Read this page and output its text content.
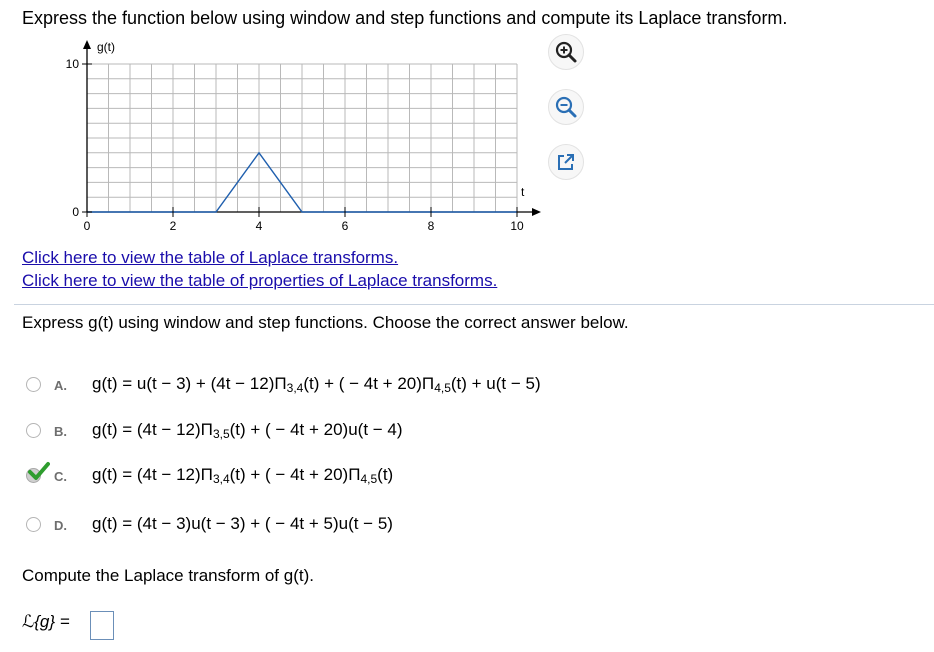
Express the function below using window and step functions and compute its Laplace transform.
0	2	4	6	8	10
10
0
g(t)
t
Click here to view the table of Laplace transforms.
Click here to view the table of properties of Laplace transforms.
Express g(t) using window and step functions. Choose the correct answer below.
A. $g(t) = u(t - 3) + (4t - 12)\Pi_{3,4}(t)$ + ( − $4t + 20)\Pi_{4,5}(t) + u(t - 5)$
B. $g(t) = (4t - 12)\Pi_{3,5}(t)$ + ( − 4t + 20)u(t − 4)
C. $g(t) = (4t - 12)\Pi_{3,4}(t)$ + ( − $4t + 20)\Pi_{4,5}(t)$
D. g(t) = (4t − 3)u(t − 3) + ( − 4t + 5)u(t − 5)
Compute the Laplace transform of g(t).
ℒ{g} =
